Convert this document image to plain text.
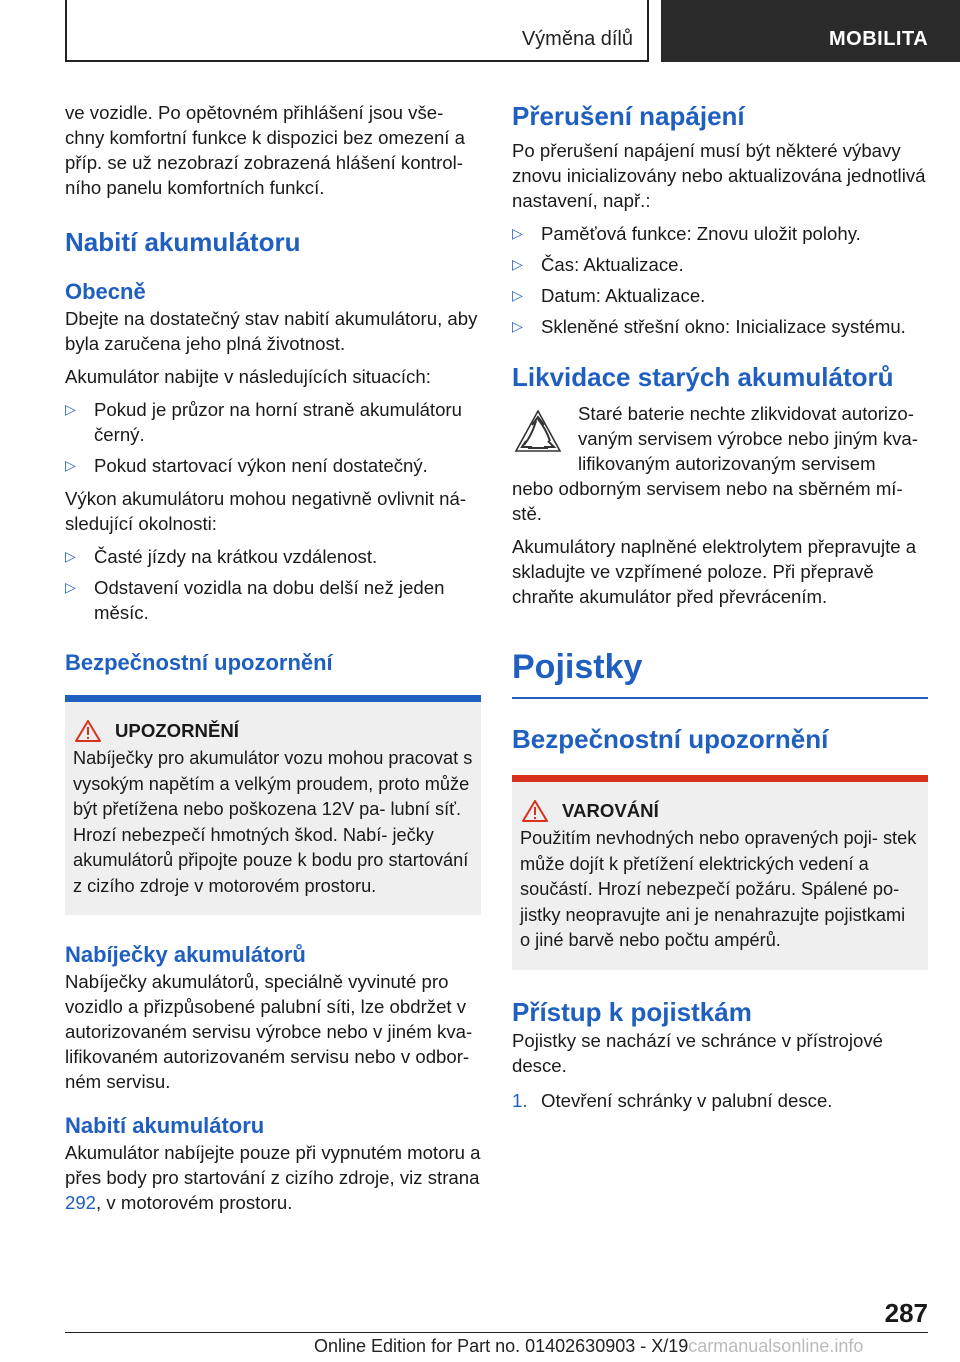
Výměna dílů	MOBILITA

ve vozidle. Po opětovném přihlášení jsou vše- chny komfortní funkce k dispozici bez omezení a příp. se už nezobrazí zobrazená hlášení kontrol- ního panelu komfortních funkcí.

Nabití akumulátoru
Obecně

Dbejte na dostatečný stav nabití akumulátoru, aby byla zaručena jeho plná životnost.

Akumulátor nabijte v následujících situacích:

▷ Pokud je průzor na horní straně akumulátoru černý.
▷ Pokud startovací výkon není dostatečný.

Výkon akumulátoru mohou negativně ovlivnit ná- sledující okolnosti:

▷ Časté jízdy na krátkou vzdálenost.
▷ Odstavení vozidla na dobu delší než jeden měsíc.
Bezpečnostní upozornění
UPOZORNĚNÍ

Nabíječky pro akumulátor vozu mohou pracovat s vysokým napětím a velkým proudem, proto může být přetížena nebo poškozena 12V pa- lubní síť. Hrozí nebezpečí hmotných škod. Nabí- ječky akumulátorů připojte pouze k bodu pro startování z cizího zdroje v motorovém prostoru.

Nabíječky akumulátorů

Nabíječky akumulátorů, speciálně vyvinuté pro vozidlo a přizpůsobené palubní síti, lze obdržet v autorizovaném servisu výrobce nebo v jiném kva- lifikovaném autorizovaném servisu nebo v odbor- ném servisu.

Nabití akumulátoru

Akumulátor nabíjejte pouze při vypnutém motoru a přes body pro startování z cizího zdroje, viz strana 292, v motorovém prostoru.

Přerušení napájení

Po přerušení napájení musí být některé výbavy znovu inicializovány nebo aktualizována jednotlivá nastavení, např.:

▷ Paměťová funkce: Znovu uložit polohy.
▷ Čas: Aktualizace.
▷ Datum: Aktualizace.
▷ Skleněné střešní okno: Inicializace systému.
Likvidace starých akumulátorů

Staré baterie nechte zlikvidovat autorizo- vaným servisem výrobce nebo jiným kva- lifikovaným autorizovaným servisem

nebo odborným servisem nebo na sběrném mí- stě.

Akumulátory naplněné elektrolytem přepravujte a skladujte ve vzpřímené poloze. Při přepravě chraňte akumulátor před převrácením.

Pojistky
Bezpečnostní upozornění
VAROVÁNÍ

Použitím nevhodných nebo opravených poji- stek může dojít k přetížení elektrických vedení a součástí. Hrozí nebezpečí požáru. Spálené po- jistky neopravujte ani je nenahrazujte pojistkami o jiné barvě nebo počtu ampérů.

Přístup k pojistkám

Pojistky se nachází ve schránce v přístrojové desce.

1. Otevření schránky v palubní desce.
287
Online Edition for Part no. 01402630903 - X/19carmanualsonline.info
